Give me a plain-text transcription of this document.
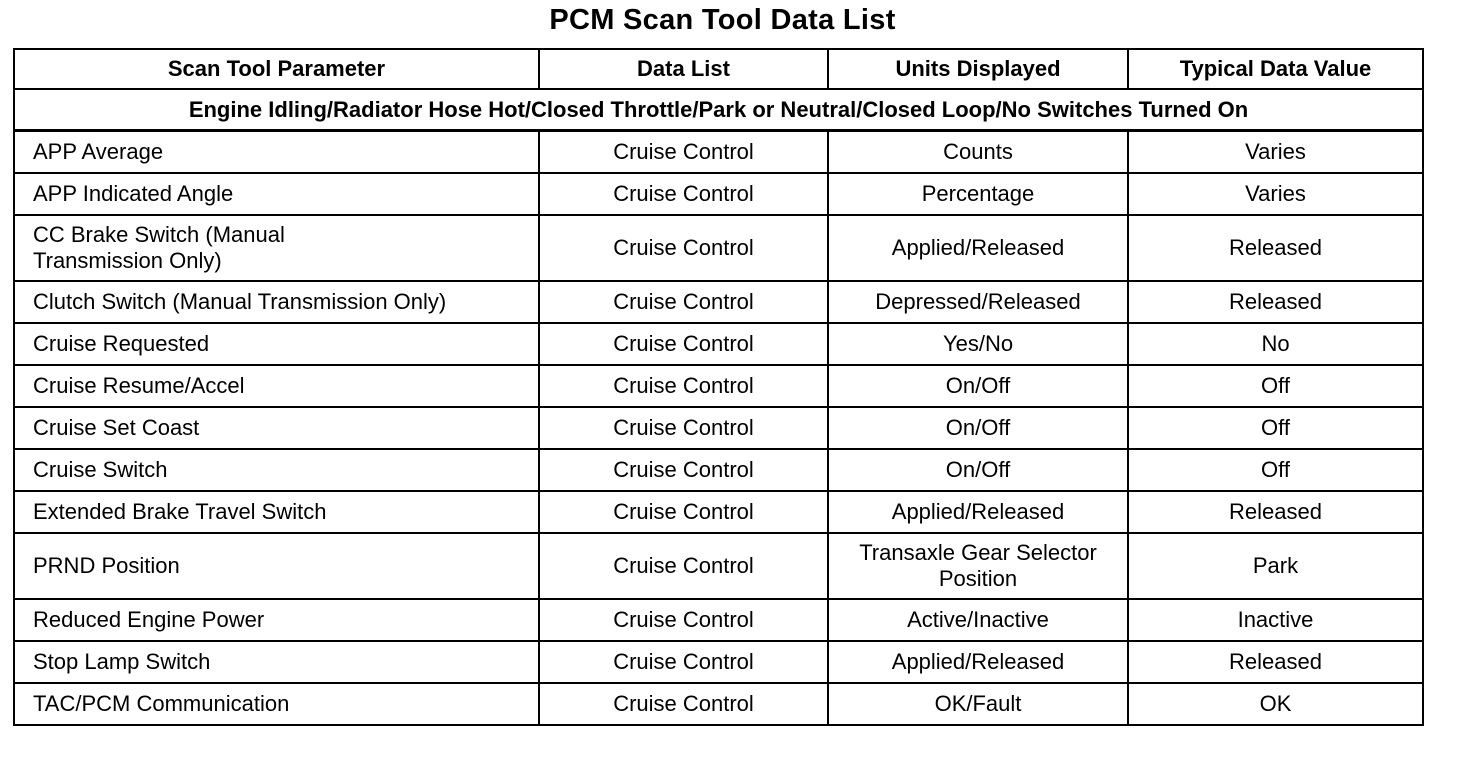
PCM Scan Tool Data List
Scan Tool Parameter	Data List	Units Displayed	Typical Data Value
Engine Idling/Radiator Hose Hot/Closed Throttle/Park or Neutral/Closed Loop/No Switches Turned On			
APP Average	Cruise Control	Counts	Varies
APP Indicated Angle	Cruise Control	Percentage	Varies
CC Brake Switch (Manual Transmission Only)	Cruise Control	Applied/Released	Released
Clutch Switch (Manual Transmission Only)	Cruise Control	Depressed/Released	Released
Cruise Requested	Cruise Control	Yes/No	No
Cruise Resume/Accel	Cruise Control	On/Off	Off
Cruise Set Coast	Cruise Control	On/Off	Off
Cruise Switch	Cruise Control	On/Off	Off
Extended Brake Travel Switch	Cruise Control	Applied/Released	Released
PRND Position	Cruise Control	Transaxle Gear Selector Position	Park
Reduced Engine Power	Cruise Control	Active/Inactive	Inactive
Stop Lamp Switch	Cruise Control	Applied/Released	Released
TAC/PCM Communication	Cruise Control	OK/Fault	OK
